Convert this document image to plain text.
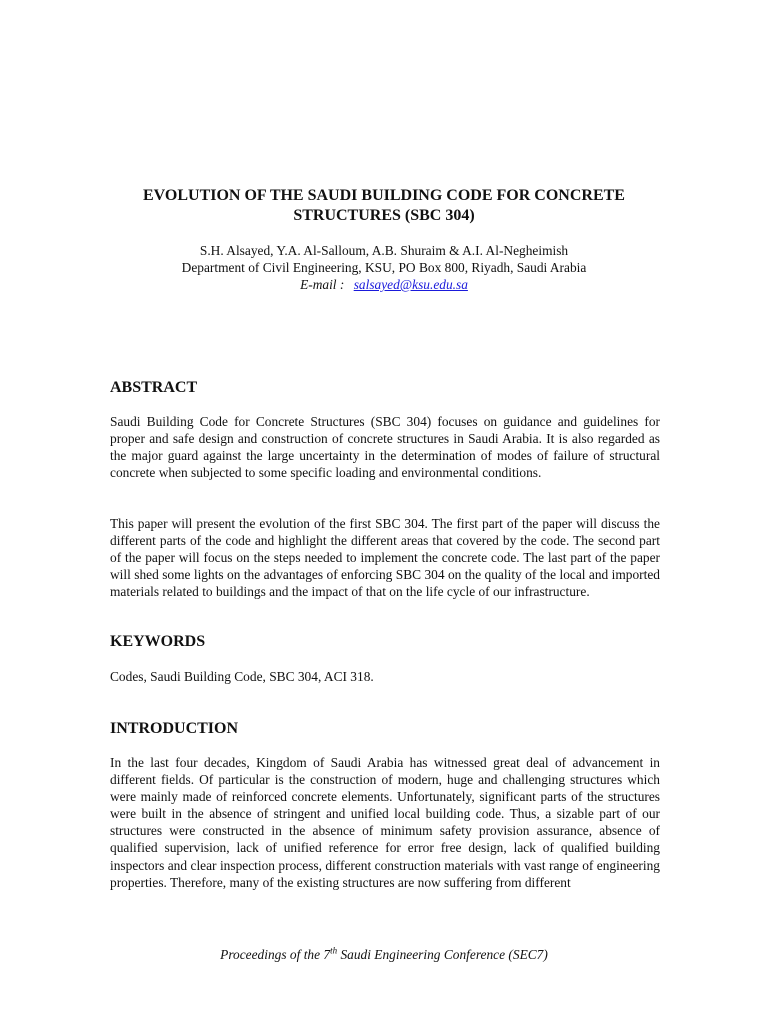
EVOLUTION OF THE SAUDI BUILDING CODE FOR CONCRETE
STRUCTURES (SBC 304)
S.H. Alsayed, Y.A. Al-Salloum, A.B. Shuraim & A.I. Al-Negheimish
Department of Civil Engineering, KSU, PO Box 800, Riyadh, Saudi Arabia
E-mail : salsayed@ksu.edu.sa
ABSTRACT

Saudi Building Code for Concrete Structures (SBC 304) focuses on guidance and guidelines for proper and safe design and construction of concrete structures in Saudi Arabia. It is also regarded as the major guard against the large uncertainty in the determination of modes of failure of structural concrete when subjected to some specific loading and environmental conditions.

This paper will present the evolution of the first SBC 304. The first part of the paper will discuss the different parts of the code and highlight the different areas that covered by the code. The second part of the paper will focus on the steps needed to implement the concrete code. The last part of the paper will shed some lights on the advantages of enforcing SBC 304 on the quality of the local and imported materials related to buildings and the impact of that on the life cycle of our infrastructure.

KEYWORDS

Codes, Saudi Building Code, SBC 304, ACI 318.

INTRODUCTION

In the last four decades, Kingdom of Saudi Arabia has witnessed great deal of advancement in different fields. Of particular is the construction of modern, huge and challenging structures which were mainly made of reinforced concrete elements. Unfortunately, significant parts of the structures were built in the absence of stringent and unified local building code. Thus, a sizable part of our structures were constructed in the absence of minimum safety provision assurance, absence of qualified supervision, lack of unified reference for error free design, lack of qualified building inspectors and clear inspection process, different construction materials with vast range of engineering properties. Therefore, many of the existing structures are now suffering from different

Proceedings of the 7th Saudi Engineering Conference (SEC7)
